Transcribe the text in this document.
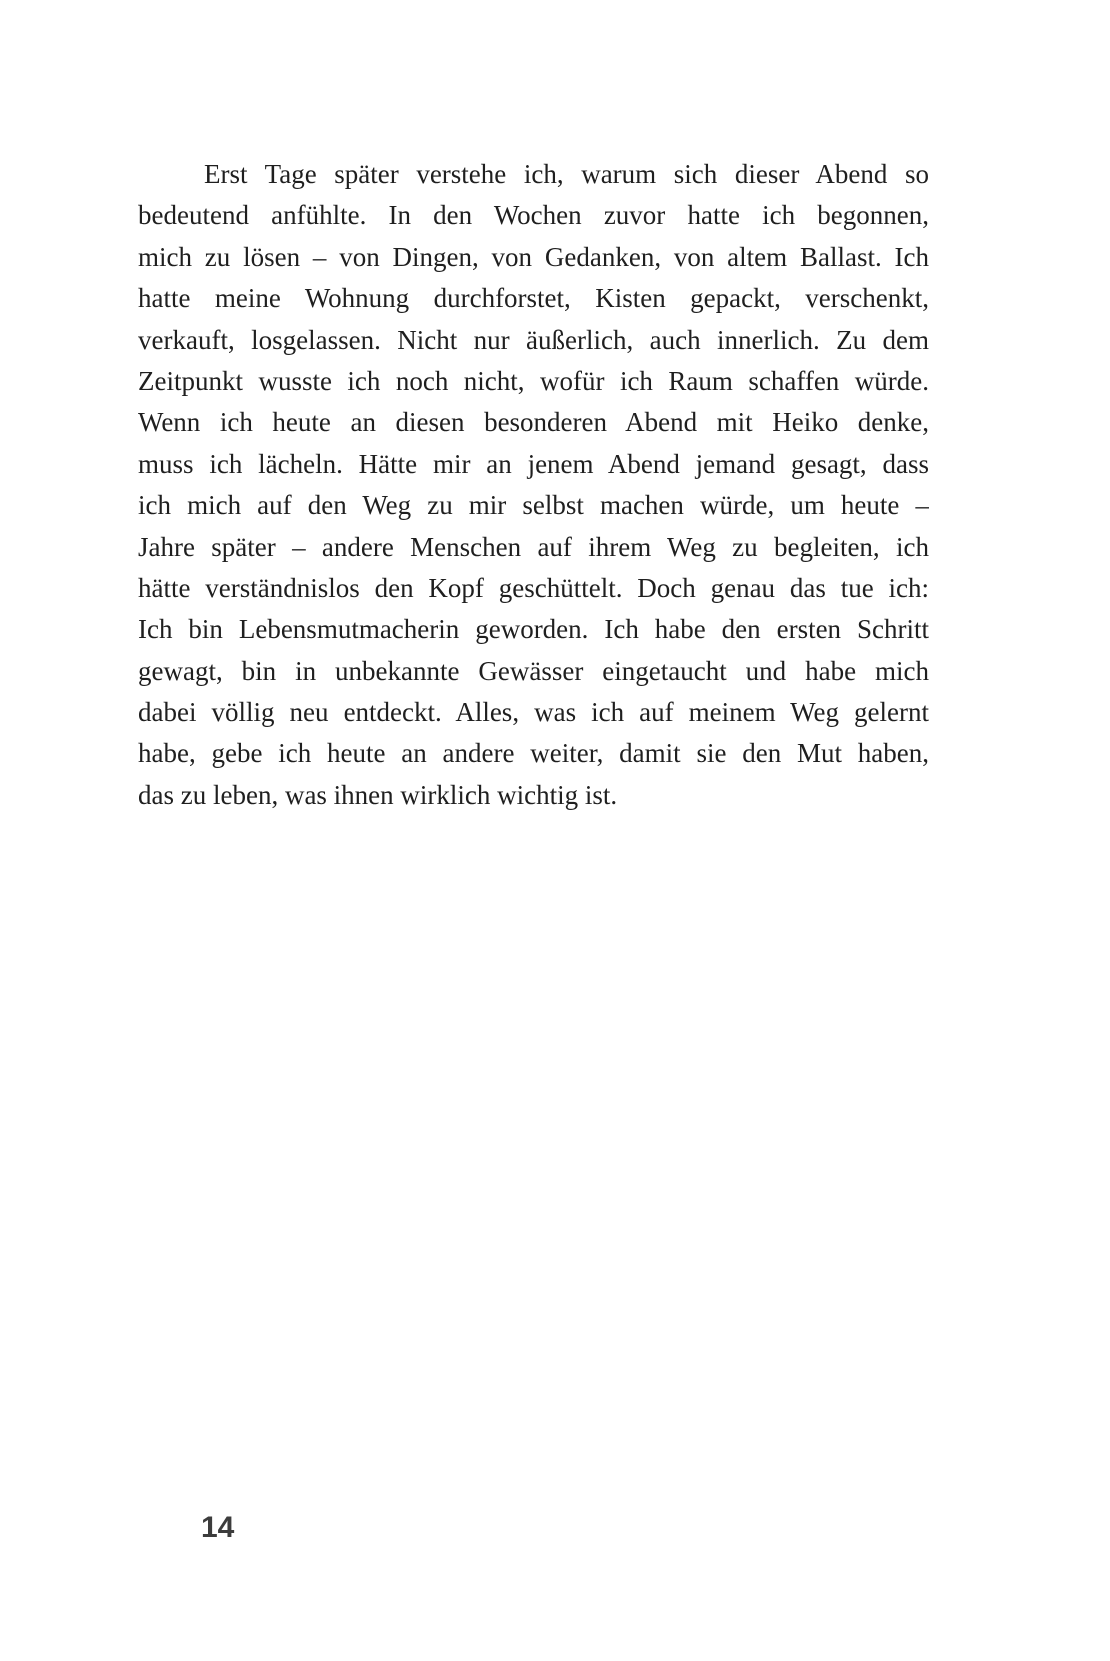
Erst Tage später verstehe ich, warum sich dieser Abend so
bedeutend anfühlte. In den Wochen zuvor hatte ich begonnen,
mich zu lösen – von Dingen, von Gedanken, von altem Ballast. Ich
hatte meine Wohnung durchforstet, Kisten gepackt, verschenkt,
verkauft, losgelassen. Nicht nur äußerlich, auch innerlich. Zu dem
Zeitpunkt wusste ich noch nicht, wofür ich Raum schaffen würde.
Wenn ich heute an diesen besonderen Abend mit Heiko denke,
muss ich lächeln. Hätte mir an jenem Abend jemand gesagt, dass
ich mich auf den Weg zu mir selbst machen würde, um heute –
Jahre später – andere Menschen auf ihrem Weg zu begleiten, ich
hätte verständnislos den Kopf geschüttelt. Doch genau das tue ich:
Ich bin Lebensmutmacherin geworden. Ich habe den ersten Schritt
gewagt, bin in unbekannte Gewässer eingetaucht und habe mich
dabei völlig neu entdeckt. Alles, was ich auf meinem Weg gelernt
habe, gebe ich heute an andere weiter, damit sie den Mut haben,
das zu leben, was ihnen wirklich wichtig ist.
14
